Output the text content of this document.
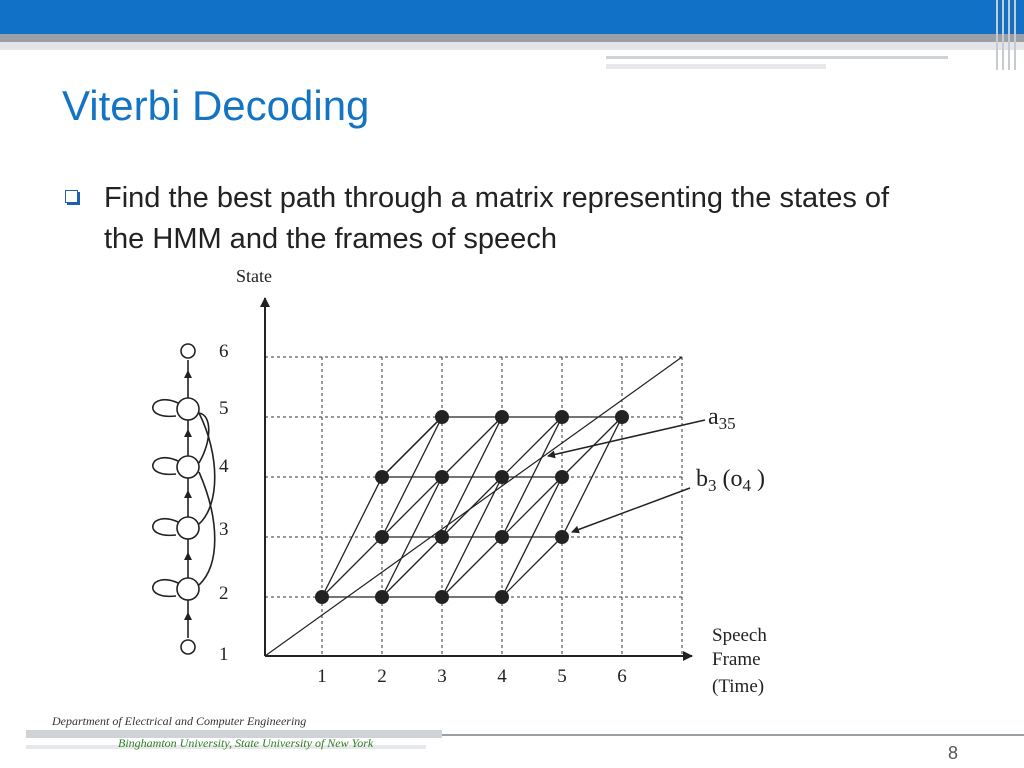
Viterbi Decoding
Find the best path through a matrix representing the states of the HMM and the frames of speech
State
1
2
3
4
5
6
1	2	3	4	5	6
Speech
Frame
(Time)
$a_{35}$
$b_3$ ($o_4$ )
Department of Electrical and Computer Engineering
Binghamton University, State University of New York	8
